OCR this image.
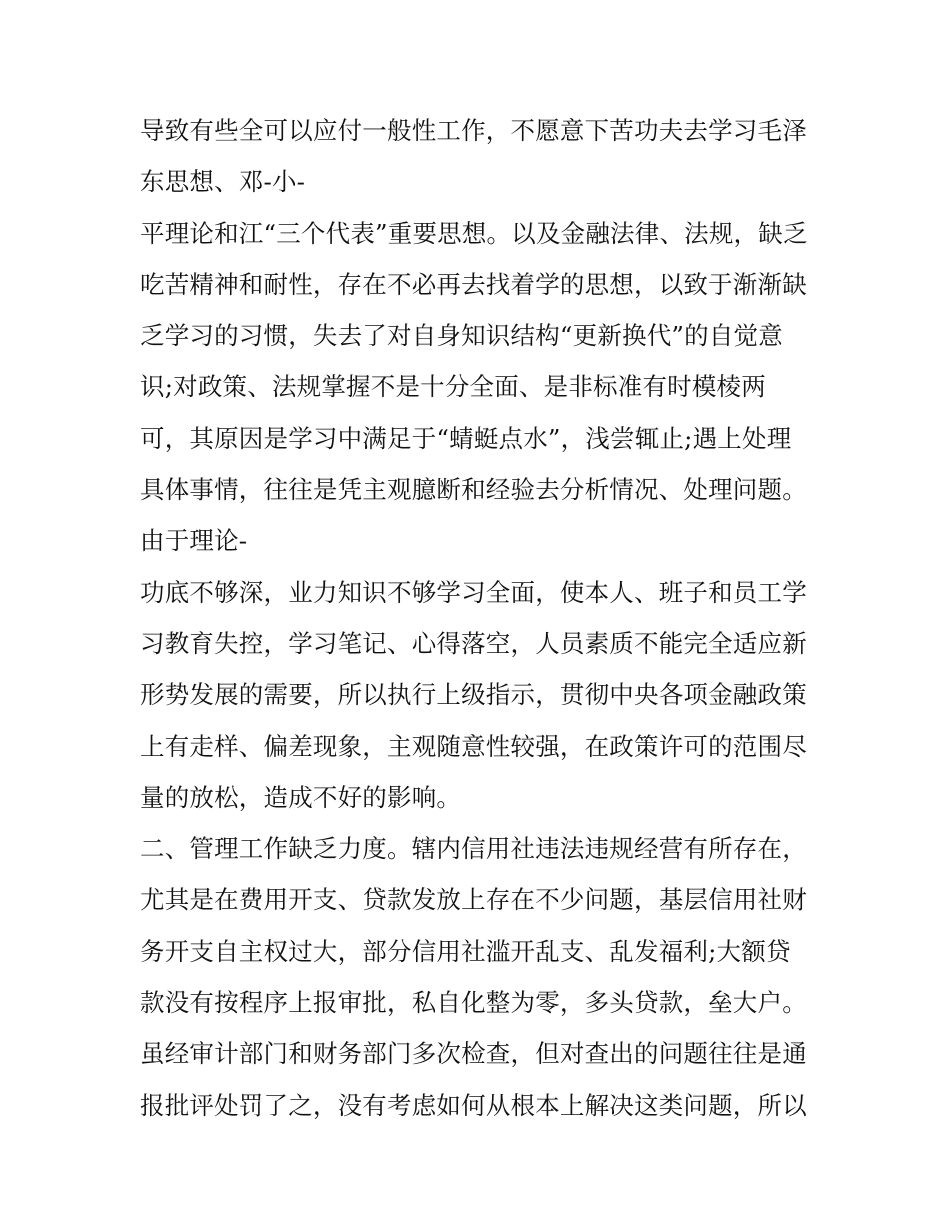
导致有些全可以应付一般性工作，不愿意下苦功夫去学习毛泽
东思想、邓-小-
平理论和江“三个代表”重要思想。以及金融法律、法规，缺乏
吃苦精神和耐性，存在不必再去找着学的思想，以致于渐渐缺
乏学习的习惯，失去了对自身知识结构“更新换代”的自觉意
识;对政策、法规掌握不是十分全面、是非标准有时模棱两
可，其原因是学习中满足于“蜻蜓点水”，浅尝辄止;遇上处理
具体事情，往往是凭主观臆断和经验去分析情况、处理问题。
由于理论-
功底不够深，业力知识不够学习全面，使本人、班子和员工学
习教育失控，学习笔记、心得落空，人员素质不能完全适应新
形势发展的需要，所以执行上级指示，贯彻中央各项金融政策
上有走样、偏差现象，主观随意性较强，在政策许可的范围尽
量的放松，造成不好的影响。
二、管理工作缺乏力度。辖内信用社违法违规经营有所存在，
尤其是在费用开支、贷款发放上存在不少问题，基层信用社财
务开支自主权过大，部分信用社滥开乱支、乱发福利;大额贷
款没有按程序上报审批，私自化整为零，多头贷款，垒大户。
虽经审计部门和财务部门多次检查，但对查出的问题往往是通
报批评处罚了之，没有考虑如何从根本上解决这类问题，所以
